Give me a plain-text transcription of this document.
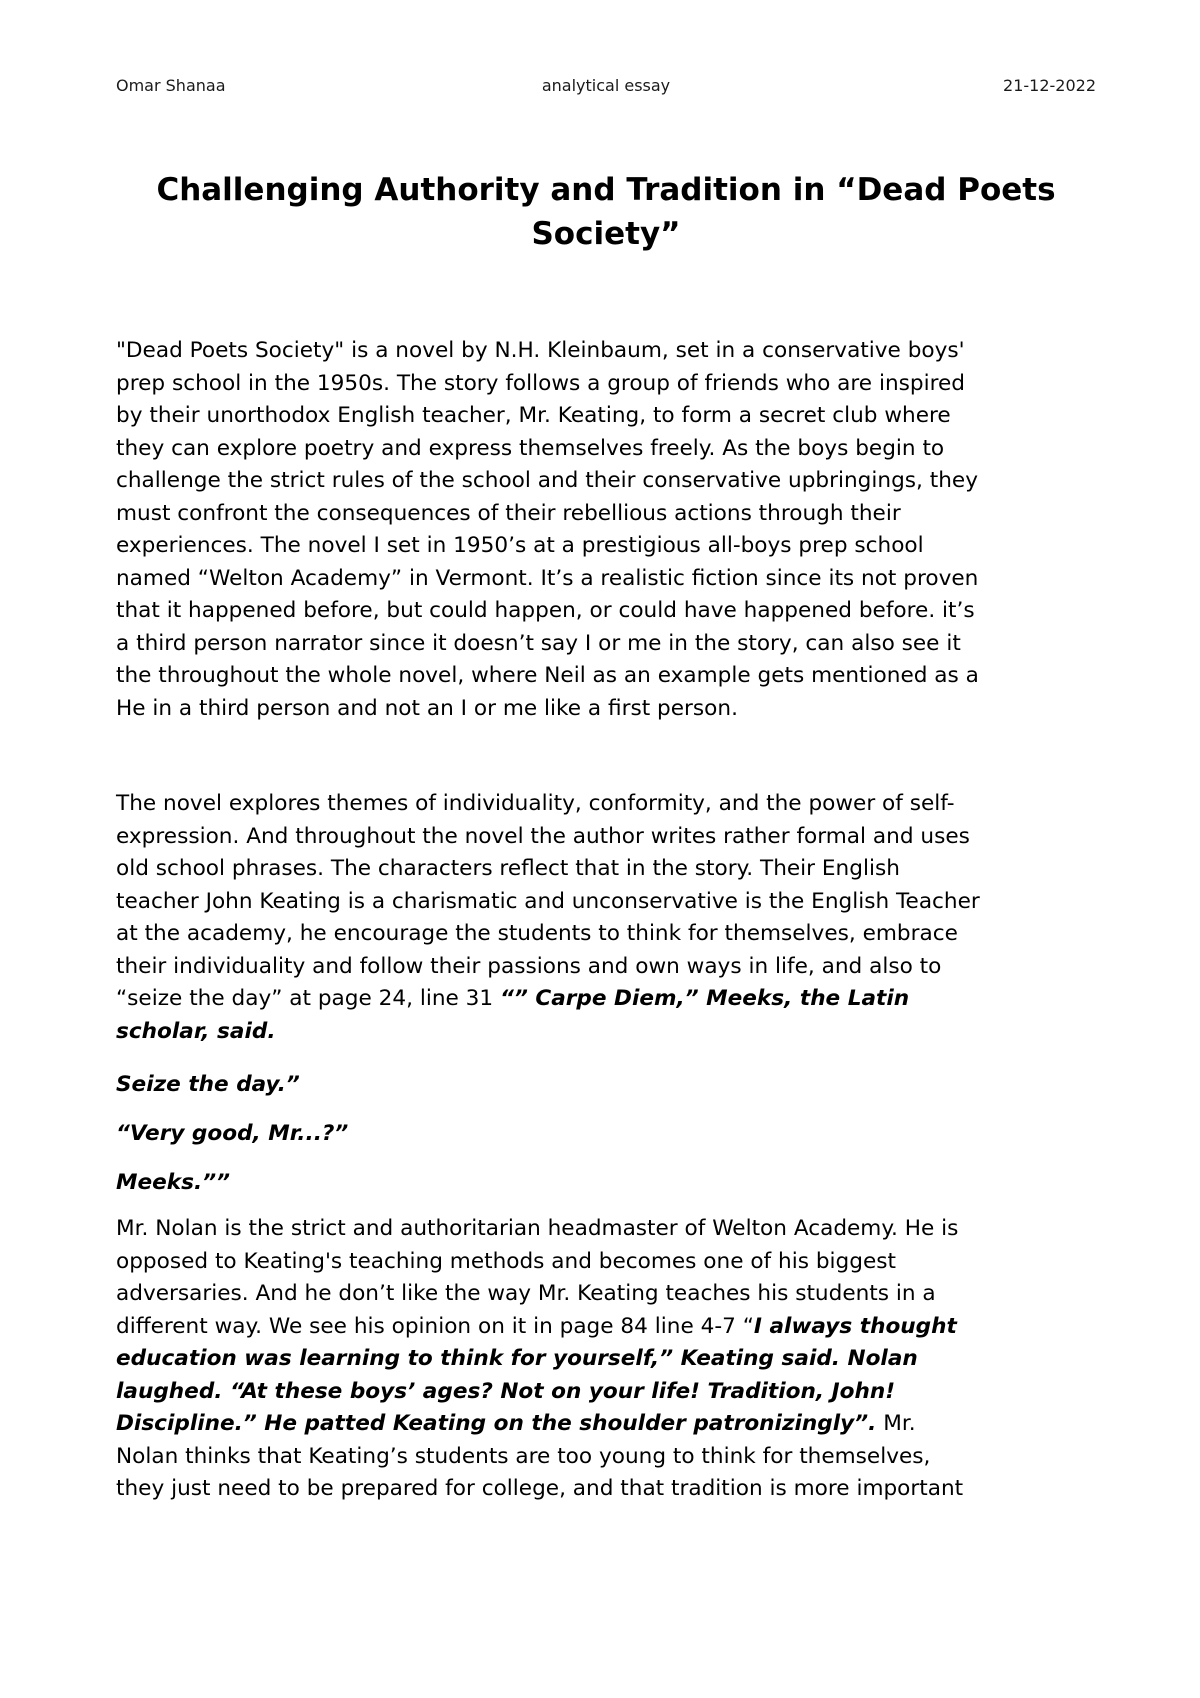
Omar Shanaa	analytical essay	21-12-2022
Challenging Authority and Tradition in “Dead Poets
Society”

"Dead Poets Society" is a novel by N.H. Kleinbaum, set in a conservative boys'
prep school in the 1950s. The story follows a group of friends who are inspired
by their unorthodox English teacher, Mr. Keating, to form a secret club where
they can explore poetry and express themselves freely. As the boys begin to
challenge the strict rules of the school and their conservative upbringings, they
must confront the consequences of their rebellious actions through their
experiences. The novel I set in 1950’s at a prestigious all-boys prep school
named “Welton Academy” in Vermont. It’s a realistic fiction since its not proven
that it happened before, but could happen, or could have happened before. it’s
a third person narrator since it doesn’t say I or me in the story, can also see it
the throughout the whole novel, where Neil as an example gets mentioned as a
He in a third person and not an I or me like a first person.

The novel explores themes of individuality, conformity, and the power of self-
expression. And throughout the novel the author writes rather formal and uses
old school phrases. The characters reflect that in the story. Their English
teacher John Keating is a charismatic and unconservative is the English Teacher
at the academy, he encourage the students to think for themselves, embrace
their individuality and follow their passions and own ways in life, and also to
“seize the day” at page 24, line 31 “” Carpe Diem,” Meeks, the Latin
scholar, said.

Seize the day.”

“Very good, Mr...?”

Meeks.””

Mr. Nolan is the strict and authoritarian headmaster of Welton Academy. He is
opposed to Keating's teaching methods and becomes one of his biggest
adversaries. And he don’t like the way Mr. Keating teaches his students in a
different way. We see his opinion on it in page 84 line 4-7 “I always thought
education was learning to think for yourself,” Keating said. Nolan
laughed. “At these boys’ ages? Not on your life! Tradition, John!
Discipline.” He patted Keating on the shoulder patronizingly”. Mr.
Nolan thinks that Keating’s students are too young to think for themselves,
they just need to be prepared for college, and that tradition is more important
